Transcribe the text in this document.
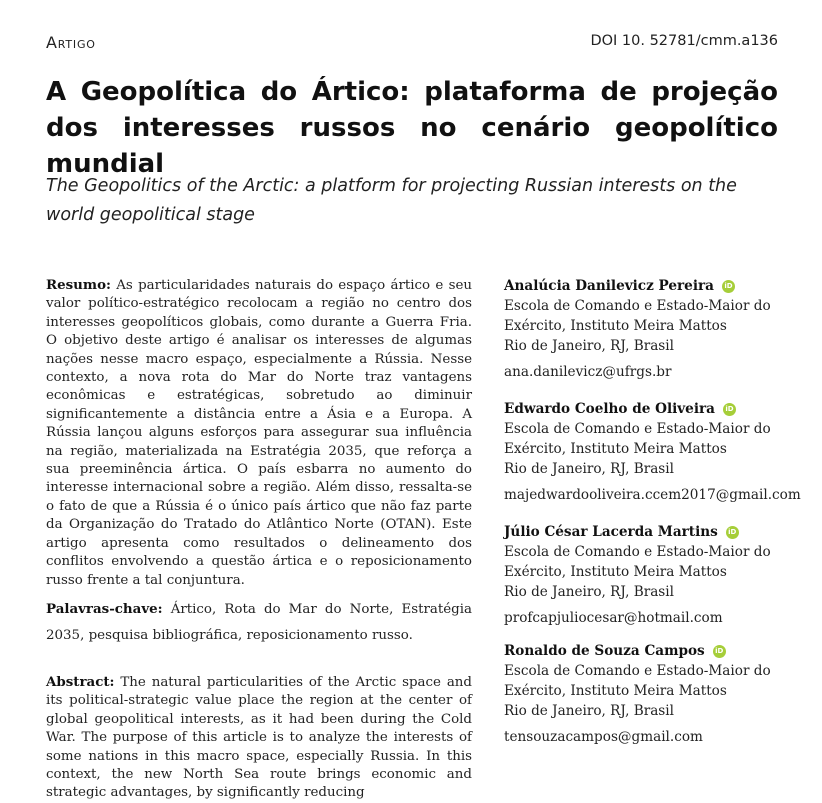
Artigo	DOI 10. 52781/cmm.a136
A Geopolítica do Ártico: plataforma de projeção dos interesses russos no cenário geopolítico mundial

The Geopolitics of the Arctic: a platform for projecting Russian interests on the world geopolitical stage

Resumo: As particularidades naturais do espaço ártico e seu valor político-estratégico recolocam a região no centro dos interesses geopolíticos globais, como durante a Guerra Fria. O objetivo deste artigo é analisar os interesses de algumas nações nesse macro espaço, especialmente a Rússia. Nesse contexto, a nova rota do Mar do Norte traz vantagens econômicas e estratégicas, sobretudo ao diminuir significantemente a distância entre a Ásia e a Europa. A Rússia lançou alguns esforços para assegurar sua influência na região, materializada na Estratégia 2035, que reforça a sua preeminência ártica. O país esbarra no aumento do interesse internacional sobre a região. Além disso, ressalta-se o fato de que a Rússia é o único país ártico que não faz parte da Organização do Tratado do Atlântico Norte (OTAN). Este artigo apresenta como resultados o delineamento dos conflitos envolvendo a questão ártica e o reposicionamento russo frente a tal conjuntura.

Palavras-chave: Ártico, Rota do Mar do Norte, Estratégia 2035, pesquisa bibliográfica, reposicionamento russo.

Abstract: The natural particularities of the Arctic space and its political-strategic value place the region at the center of global geopolitical interests, as it had been during the Cold War. The purpose of this article is to analyze the interests of some nations in this macro space, especially Russia. In this context, the new North Sea route brings economic and strategic advantages, by significantly reducing

Analúcia Danilevicz Pereira
iD
Escola de Comando e Estado-Maior do
Exército, Instituto Meira Mattos
Rio de Janeiro, RJ, Brasil
ana.danilevicz@ufrgs.br
Edwardo Coelho de Oliveira
iD
Escola de Comando e Estado-Maior do
Exército, Instituto Meira Mattos
Rio de Janeiro, RJ, Brasil
majedwardooliveira.ccem2017@gmail.com
Júlio César Lacerda Martins
iD
Escola de Comando e Estado-Maior do
Exército, Instituto Meira Mattos
Rio de Janeiro, RJ, Brasil
profcapjuliocesar@hotmail.com
Ronaldo de Souza Campos
iD
Escola de Comando e Estado-Maior do
Exército, Instituto Meira Mattos
Rio de Janeiro, RJ, Brasil
tensouzacampos@gmail.com
